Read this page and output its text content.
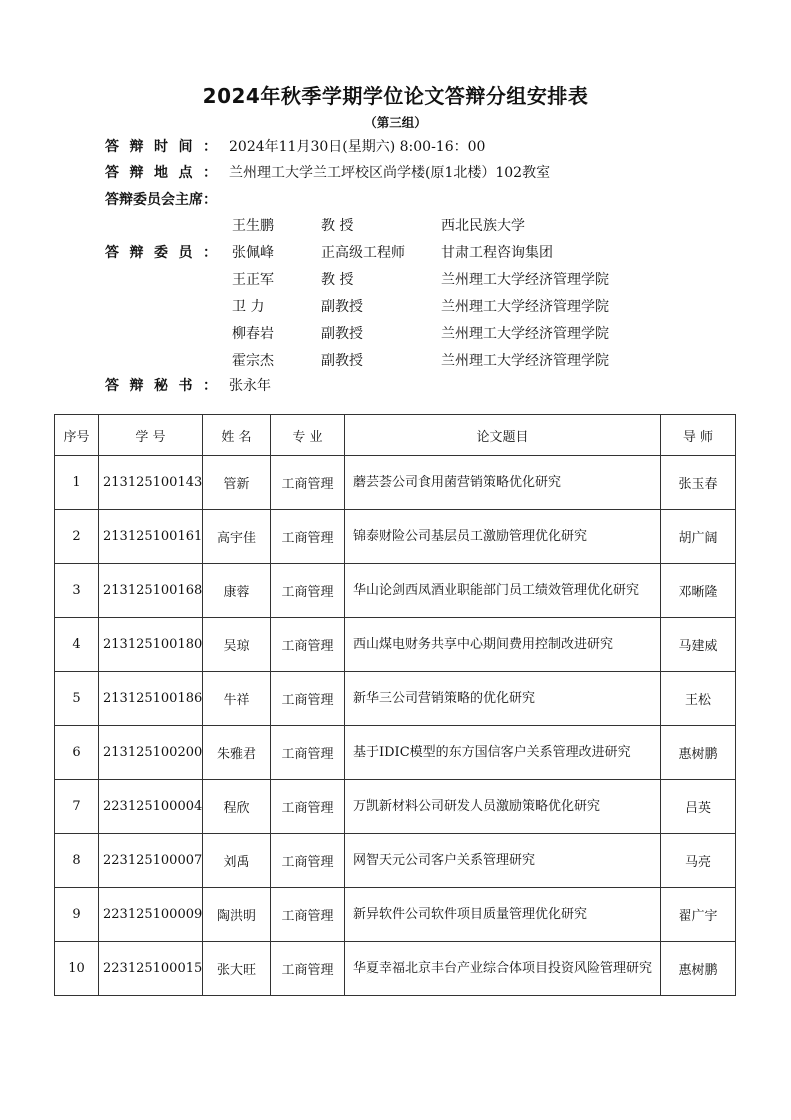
2024年秋季学期学位论文答辩分组安排表
（第三组）
答辩时间： 2024年11月30日(星期六) 8:00-16：00
答辩地点： 兰州理工大学兰工坪校区尚学楼(原1北楼）102教室
答辩委员会主席：
王生鹏	教 授	西北民族大学
张佩峰	正高级工程师	甘肃工程咨询集团
王正军	教 授	兰州理工大学经济管理学院
卫 力	副教授	兰州理工大学经济管理学院
柳春岩	副教授	兰州理工大学经济管理学院
霍宗杰	副教授	兰州理工大学经济管理学院
答辩委员：
答辩秘书： 张永年
序号	学 号	姓 名	专 业	论文题目	导 师
1	213125100143	管新	工商管理	蘑芸荟公司食用菌营销策略优化研究	张玉春
2	213125100161	高宇佳	工商管理	锦泰财险公司基层员工激励管理优化研究	胡广阔
3	213125100168	康蓉	工商管理	华山论剑西凤酒业职能部门员工绩效管理优化研究	邓晰隆
4	213125100180	吴琼	工商管理	西山煤电财务共享中心期间费用控制改进研究	马建威
5	213125100186	牛祥	工商管理	新华三公司营销策略的优化研究	王松
6	213125100200	朱雅君	工商管理	基于IDIC模型的东方国信客户关系管理改进研究	惠树鹏
7	223125100004	程欣	工商管理	万凯新材料公司研发人员激励策略优化研究	吕英
8	223125100007	刘禹	工商管理	网智天元公司客户关系管理研究	马亮
9	223125100009	陶洪明	工商管理	新异软件公司软件项目质量管理优化研究	翟广宇
10	223125100015	张大旺	工商管理	华夏幸福北京丰台产业综合体项目投资风险管理研究	惠树鹏
